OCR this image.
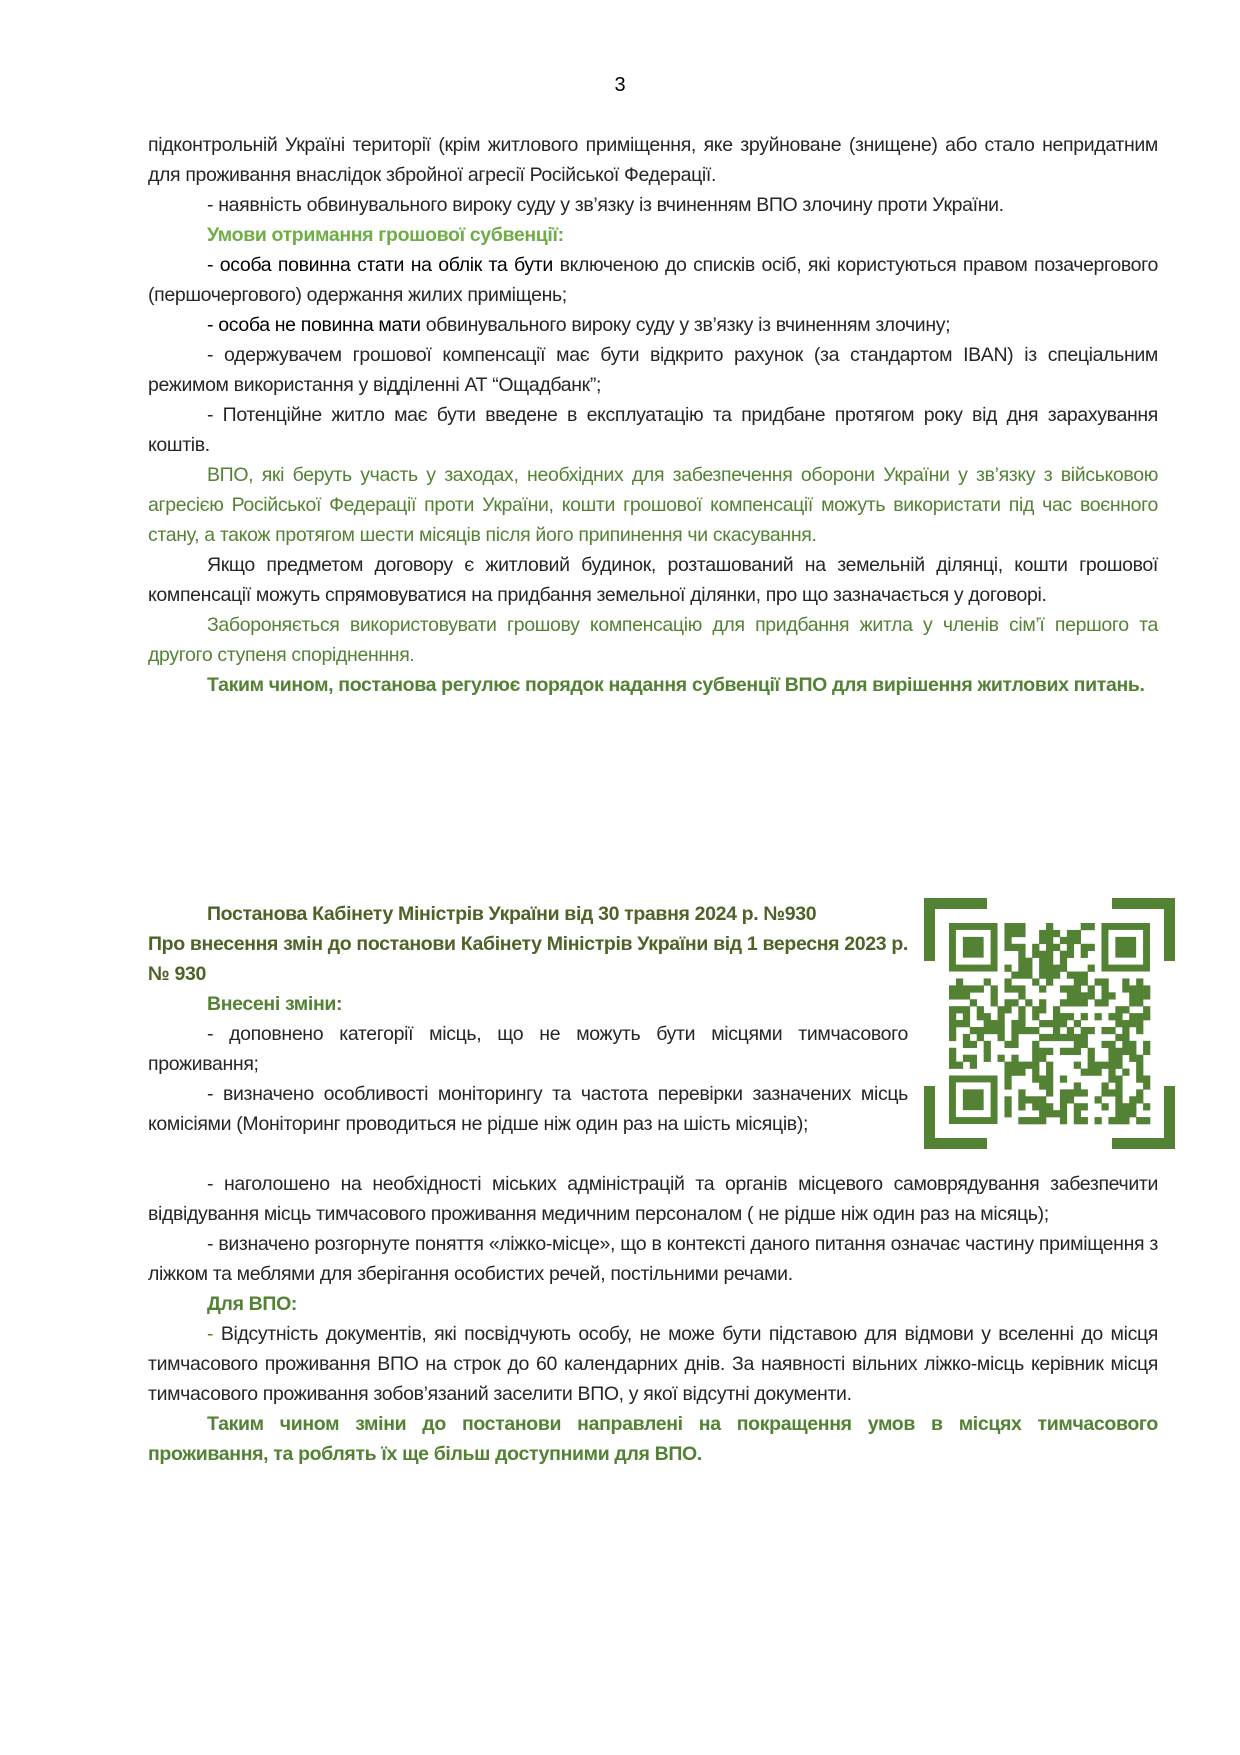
3

підконтрольній Україні території (крім житлового приміщення, яке зруйноване (знищене) або стало непридатним для проживання внаслідок збройної агресії Російської Федерації.

- наявність обвинувального вироку суду у зв’язку із вчиненням ВПО злочину проти України.

Умови отримання грошової субвенції:

- особа повинна стати на облік та бути включеною до списків осіб, які користуються правом позачергового (першочергового) одержання жилих приміщень;

- особа не повинна мати обвинувального вироку суду у зв’язку із вчиненням злочину;

- одержувачем грошової компенсації має бути відкрито рахунок (за стандартом IBAN) із спеціальним режимом використання у відділенні АТ “Ощадбанк”;

- Потенційне житло має бути введене в експлуатацію та придбане протягом року від дня зарахування коштів.

ВПО, які беруть участь у заходах, необхідних для забезпечення оборони України у зв’язку з військовою агресією Російської Федерації проти України, кошти грошової компенсації можуть використати під час воєнного стану, а також протягом шести місяців після його припинення чи скасування.

Якщо предметом договору є житловий будинок, розташований на земельній ділянці, кошти грошової компенсації можуть спрямовуватися на придбання земельної ділянки, про що зазначається у договорі.

Забороняється використовувати грошову компенсацію для придбання житла у членів сім’ї першого та другого ступеня спорідненння.

Таким чином, постанова регулює порядок надання субвенції ВПО для вирішення житлових питань.

Постанова Кабінету Міністрів України від 30 травня 2024 р. №930

Про внесення змін до постанови Кабінету Міністрів України від 1 вересня 2023 р. № 930

Внесені зміни:

- доповнено категорії місць, що не можуть бути місцями тимчасового проживання;

- визначено особливості моніторингу та частота перевірки зазначених місць комісіями (Моніторинг проводиться не рідше ніж один раз на шість місяців);

- наголошено на необхідності міських адміністрацій та органів місцевого самоврядування забезпечити відвідування місць тимчасового проживання медичним персоналом ( не рідше ніж один раз на місяць);

- визначено розгорнуте поняття «ліжко-місце», що в контексті даного питання означає частину приміщення з ліжком та меблями для зберігання особистих речей, постільними речами.

Для ВПО:

- Відсутність документів, які посвідчують особу, не може бути підставою для відмови у вселенні до місця тимчасового проживання ВПО на строк до 60 календарних днів. За наявності вільних ліжко-місць керівник місця тимчасового проживання зобов’язаний заселити ВПО, у якої відсутні документи.

Таким чином зміни до постанови направлені на покращення умов в місцях тимчасового проживання, та роблять їх ще більш доступними для ВПО.
